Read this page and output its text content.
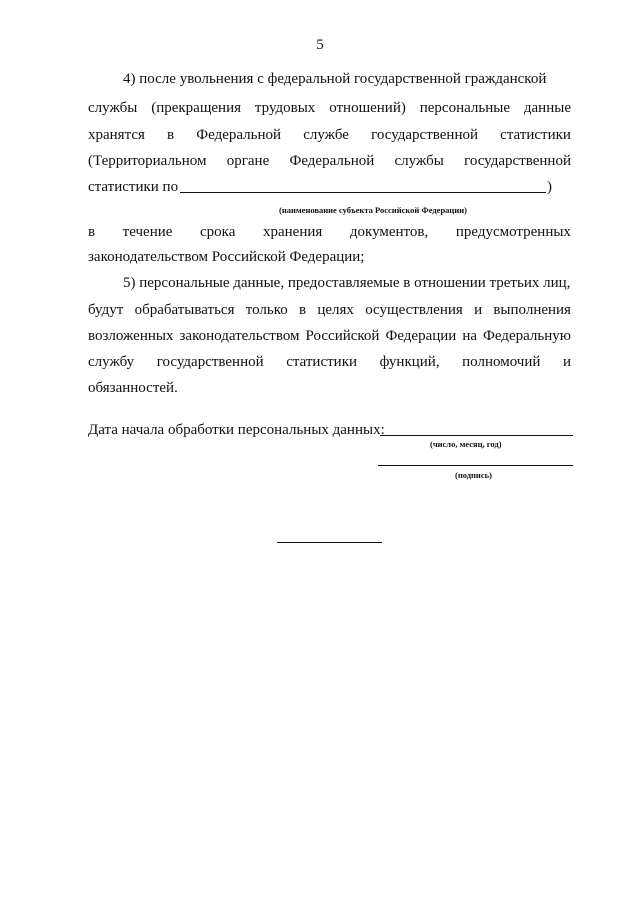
5
4) после увольнения с федеральной государственной гражданской
службы (прекращения трудовых отношений) персональные данные
хранятся в Федеральной службе государственной статистики
(Территориальном органе Федеральной службы государственной
статистики по	)
(наименование субъекта Российской Федерации)
в течение срока хранения документов, предусмотренных
законодательством Российской Федерации;
5) персональные данные, предоставляемые в отношении третьих лиц,
будут обрабатываться только в целях осуществления и выполнения
возложенных законодательством Российской Федерации на Федеральную
службу государственной статистики функций, полномочий и
обязанностей.
Дата начала обработки персональных данных:
(число, месяц, год)
(подпись)
